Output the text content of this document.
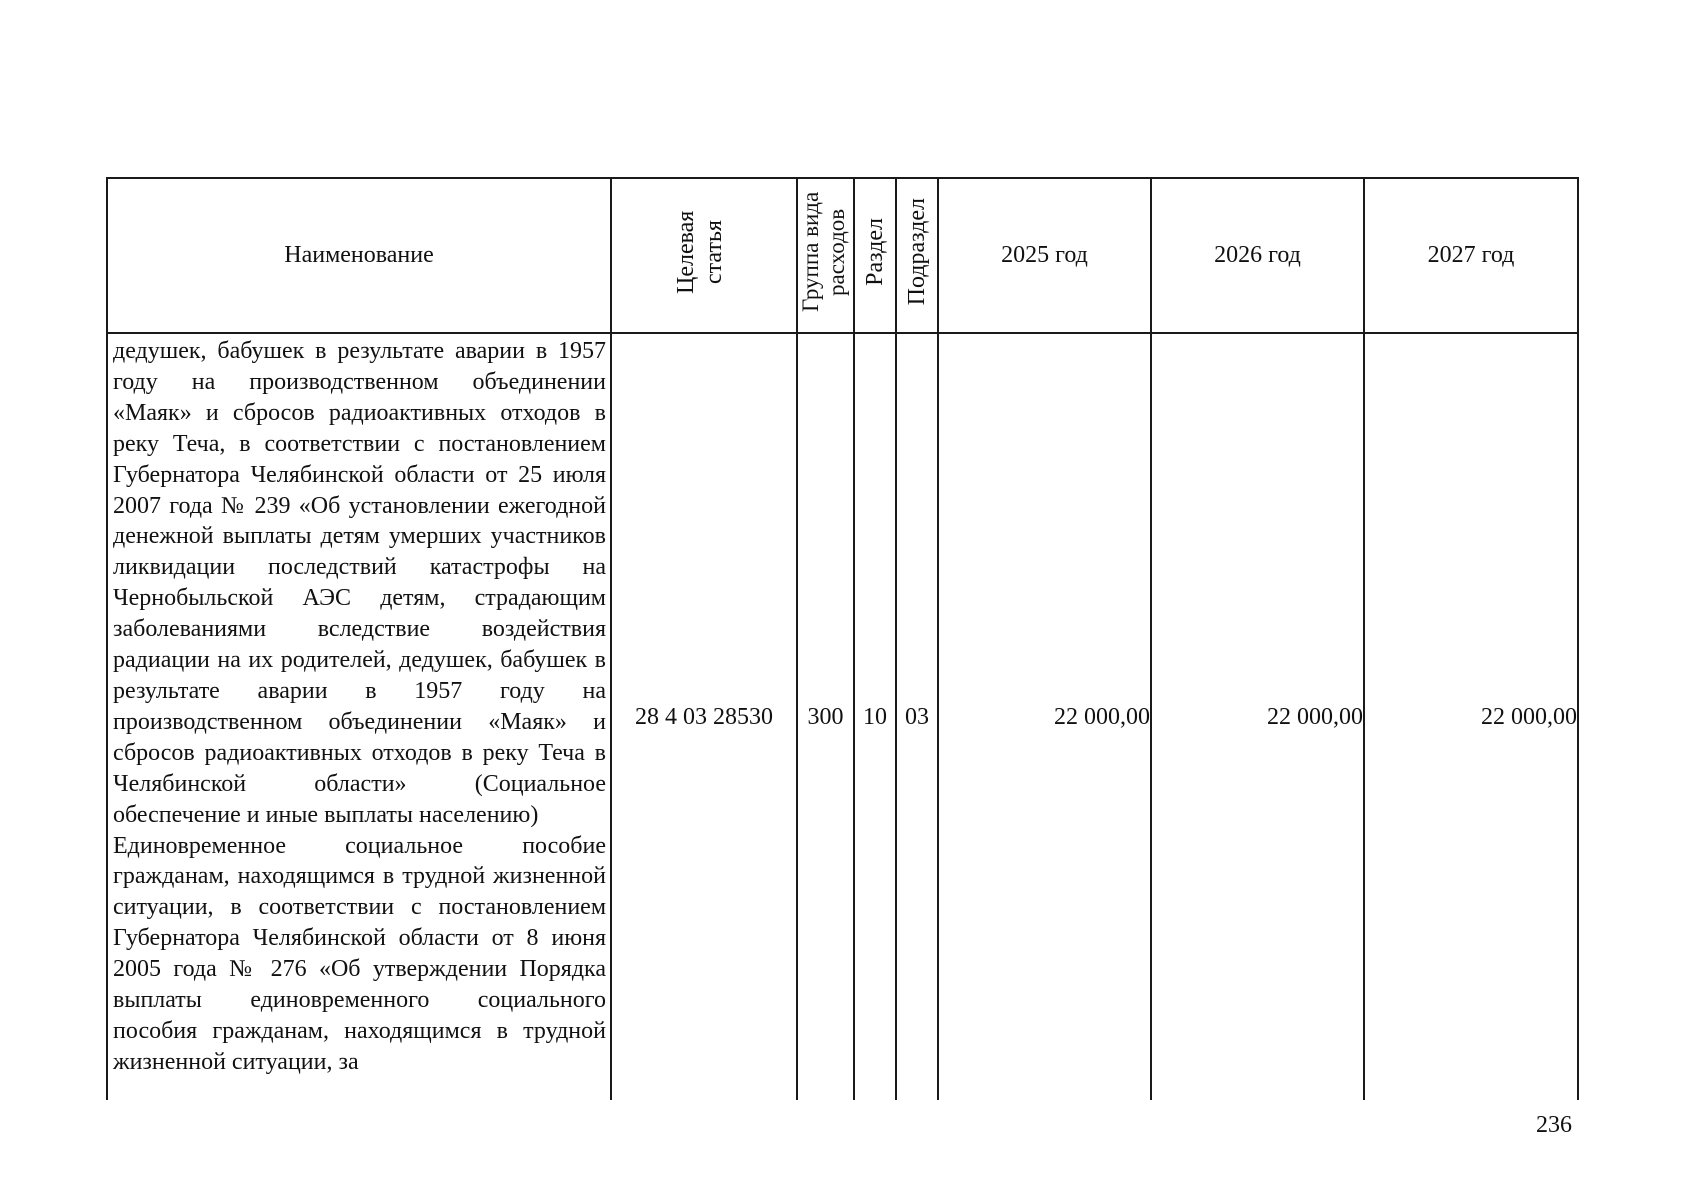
Наименование	Целевая статья	Группа вида расходов	Раздел	Подраздел	2025 год	2026 год	2027 год

дедушек, бабушек в результате аварии в 1957 году на производственном объединении «Маяк» и сбросов радиоактивных отходов в реку Теча, в соответствии с постановлением Губернатора Челябинской области от 25 июля 2007 года № 239 «Об установлении ежегодной денежной выплаты детям умерших участников ликвидации последствий катастрофы на Чернобыльской АЭС детям, страдающим заболеваниями вследствие воздействия радиации на их родителей, дедушек, бабушек в результате аварии в 1957 году на производственном объединении «Маяк» и сбросов радиоактивных отходов в реку Теча в Челябинской области» (Социальное обеспечение и иные выплаты населению)
Единовременное социальное пособие гражданам, находящимся в трудной жизненной ситуации, в соответствии с постановлением Губернатора Челябинской области от 8 июня 2005 года № 276 «Об утверждении Порядка выплаты единовременного социального пособия гражданам, находящимся в трудной жизненной ситуации, за	28 4 03 28530	300	10	03	22 000,00	22 000,00	22 000,00
236
